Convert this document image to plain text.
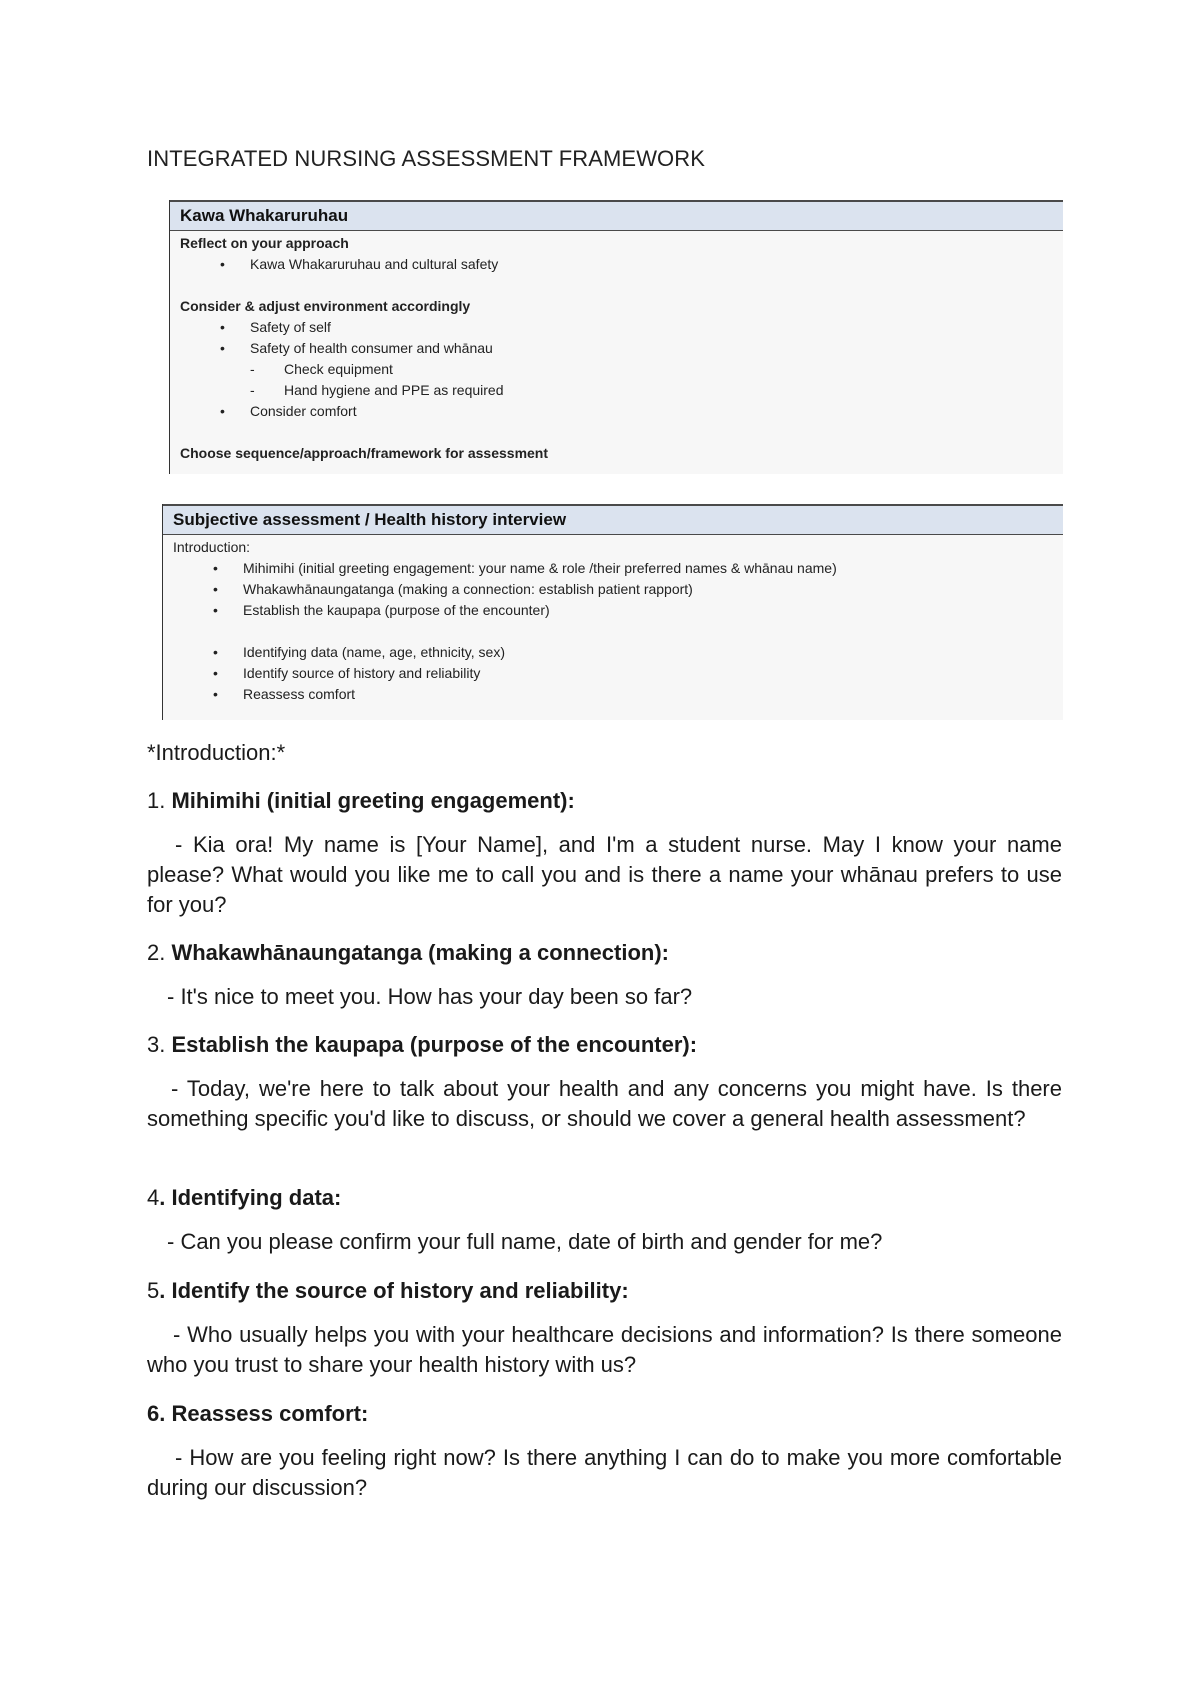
INTEGRATED NURSING ASSESSMENT FRAMEWORK
Kawa Whakaruruhau
Reflect on your approach
• Kawa Whakaruruhau and cultural safety
Consider & adjust environment accordingly
• Safety of self
• Safety of health consumer and whānau
- Check equipment
- Hand hygiene and PPE as required
• Consider comfort
Choose sequence/approach/framework for assessment
Subjective assessment / Health history interview
Introduction:
• Mihimihi (initial greeting engagement: your name & role /their preferred names & whānau name)
• Whakawhānaungatanga (making a connection: establish patient rapport)
• Establish the kaupapa (purpose of the encounter)
• Identifying data (name, age, ethnicity, sex)
• Identify source of history and reliability
• Reassess comfort
*Introduction:*
1. Mihimihi (initial greeting engagement):
- Kia ora! My name is [Your Name], and I'm a student nurse. May I know your name please? What would you like me to call you and is there a name your whānau prefers to use for you?
2. Whakawhānaungatanga (making a connection):
- It's nice to meet you. How has your day been so far?
3. Establish the kaupapa (purpose of the encounter):
- Today, we're here to talk about your health and any concerns you might have. Is there something specific you'd like to discuss, or should we cover a general health assessment?
4. Identifying data:
- Can you please confirm your full name, date of birth and gender for me?
5. Identify the source of history and reliability:
- Who usually helps you with your healthcare decisions and information? Is there someone who you trust to share your health history with us?
6. Reassess comfort:
- How are you feeling right now? Is there anything I can do to make you more comfortable during our discussion?
